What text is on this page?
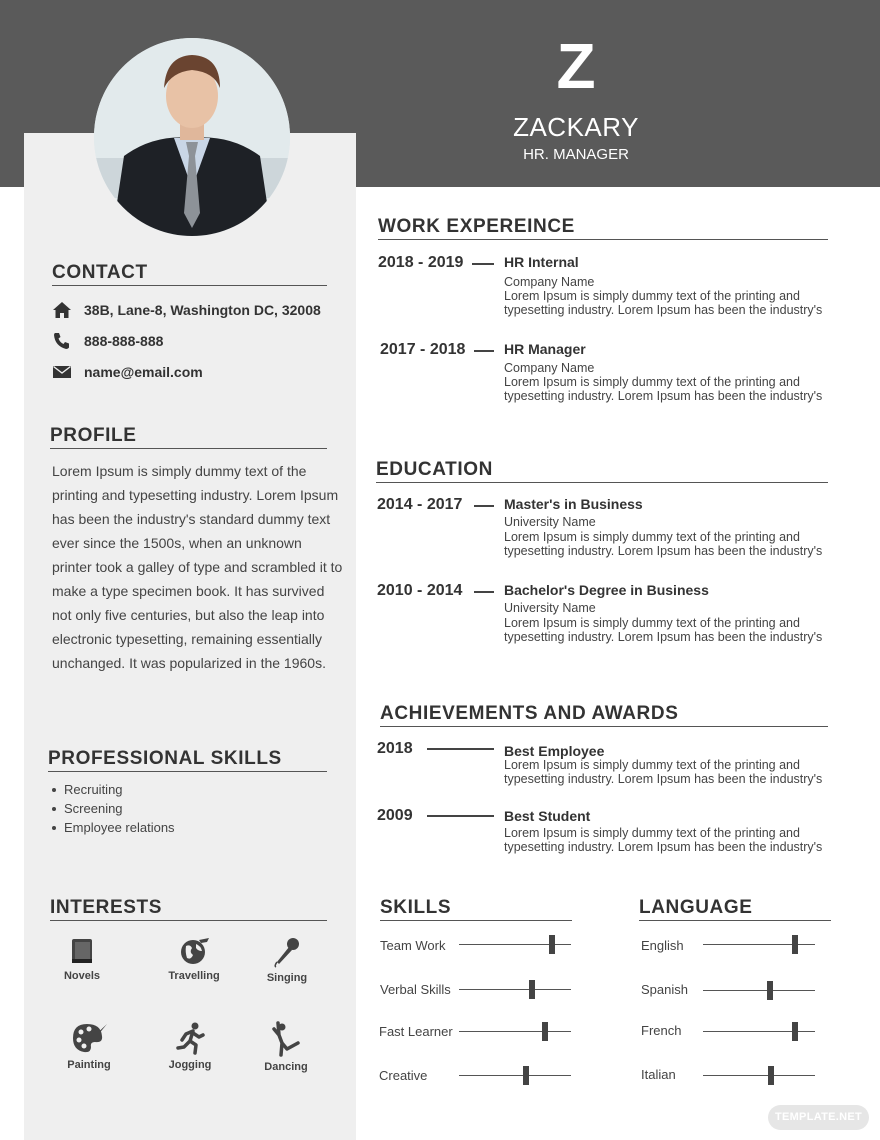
Z
ZACKARY
HR. MANAGER
CONTACT
38B, Lane-8, Washington DC, 32008
888-888-888
name@email.com
PROFILE
Lorem Ipsum is simply dummy text of the printing and typesetting industry. Lorem Ipsum has been the industry's standard dummy text ever since the 1500s, when an unknown printer took a galley of type and scrambled it to make a type specimen book. It has survived not only five centuries, but also the leap into electronic typesetting, remaining essentially unchanged. It was popularized in the 1960s.
PROFESSIONAL SKILLS
Recruiting
Screening
Employee relations
INTERESTS
Novels	Travelling	Singing
Painting	Jogging	Dancing
WORK EXPEREINCE
2018 - 2019	HR Internal
Company Name
Lorem Ipsum is simply dummy text of the printing and typesetting industry. Lorem Ipsum has been the industry's
2017 - 2018	HR Manager
Company Name
Lorem Ipsum is simply dummy text of the printing and typesetting industry. Lorem Ipsum has been the industry's
EDUCATION
2014 - 2017	Master's in Business
University Name
Lorem Ipsum is simply dummy text of the printing and typesetting industry. Lorem Ipsum has been the industry's
2010 - 2014	Bachelor's Degree in Business
University Name
Lorem Ipsum is simply dummy text of the printing and typesetting industry. Lorem Ipsum has been the industry's
ACHIEVEMENTS AND AWARDS
2018	Best Employee
Lorem Ipsum is simply dummy text of the printing and typesetting industry. Lorem Ipsum has been the industry's
2009	Best Student
Lorem Ipsum is simply dummy text of the printing and typesetting industry. Lorem Ipsum has been the industry's
SKILLS
Team Work
Verbal Skills
Fast Learner
Creative
LANGUAGE
English
Spanish
French
Italian
TEMPLATE.NET
